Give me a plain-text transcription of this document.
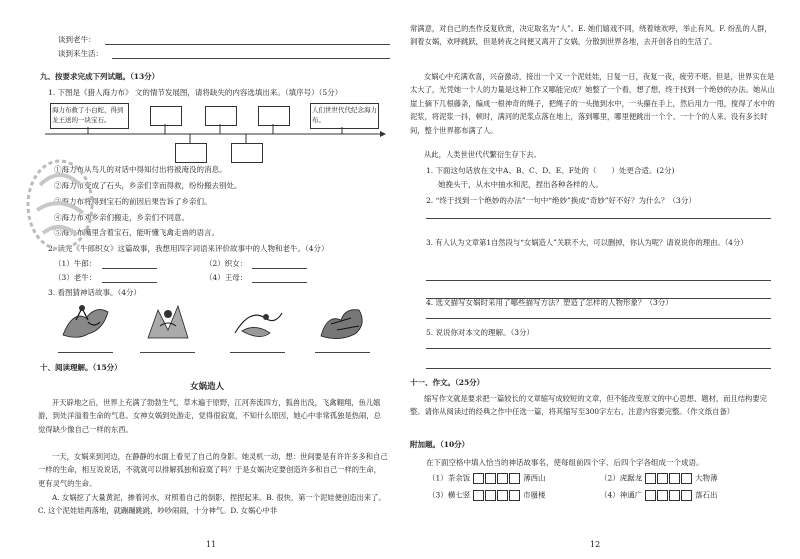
谈到老牛：
谈到来生活：
九、按要求完成下列试题。（13分）
1. 下图是《猎人海力布》 文的情节发展图，请将缺失的内容选填出来。（填序号）（5分）
海力布救了小白蛇，得到龙王送的一块宝石。
人们世世代代纪念海力布。
①海力布从鸟儿的对话中得知付出将被淹没的消息。
②海力布变成了石头，乡亲们幸而得救，纷纷搬去别处。
③海力布将得到宝石的前因后果告诉了乡亲们。
④海力布劝乡亲们搬走，乡亲们不同意。
⑤海力布嘴里含着宝石，能听懂飞禽走兽的语言。
2. 读完《牛郎织女》这篇故事，我想用四字词语来评价故事中的人物和老牛。（4分）
（1）牛郎：	（2）织女：
（3）老牛：	（4）王母：
3. 看图猜神话故事。（4分）
十、阅读理解。（15分）
女娲造人
开天辟地之后，世界上充满了勃勃生气，草木遍于原野，江河奔流四方，狐兽出没，飞禽翱翔，鱼儿嬉游，到处洋溢着生命的气息。女神女娲到处游走，觉得很寂寞，不知什么原因，她心中非常孤独是热闹，总觉得缺少像自己一样的东西。
一天，女娲来到河边，在静静的水面上看见了自己的身影。她灵机一动，想：世间要是有许许多多和自己一样的生命，相互说说话，不就就可以排解孤独和寂寞了吗？于是女娲决定要创造许多和自己一样的生命，更有灵气的生命。
A. 女娲挖了大量黄泥，掺着河水，对照着自己的倒影，捏捏起来。B. 很快，第一个泥娃便创造出来了。C. 这个泥娃娃两落地，就蹦蹦跳跳，吵吵闹闹，十分神气。D. 女娲心中非
11
常满意，对自己的杰作反复欣赏，决定取名为“人”。E. 她们嬉戏不同，绕着她欢呼，举止有风。F. 纷乱的人群，洞着女娲，欢呼跳跃，但是转夜之间便又离开了女娲，分散到世界各地，去开创各自的生活了。
女娲心中充满欢喜，兴奋激动，接出一个又一个泥娃娃，日复一日，夜复一夜，疲劳不堪。但是，世界实在是太大了，光凭她一个人的力量是这种工作又哪能完成？她整了一个看，想了想，终于找到一个绝妙的办法。她从山崖上摘下几根藤条，编成一根神奇的绳子，把绳子的一头抛到水中，一头攥在手上，然后用力一甩，搅得了水中的泥浆，将泥浆一抖，顿时，满河的泥浆点落在地上，落到哪里，哪里便跳出一个个、一十个的人来。没有多长时间，整个世界都布满了人。
从此，人类世世代代繁衍生存下去。
1. 下面这句话放在文中A、B、C、D、E、F处的（　　）处更合适。(2分)
她挽头干，从水中抽水和泥，捏出各种各样的人。
2. “终于找到一个绝妙的办法”一句中“绝妙”换成“奇妙”好不好？为什么？（3分）
3. 有人认为文章第1自然段与“女娲造人”关联不大，可以删掉，你认为呢？请说说你的理由。（4分）
4. 选文描写女娲时采用了哪些描写方法？塑造了怎样的人物形象？（3分）
5. 说说你对本文的理解。（3分）
十一、作文。（25分）
缩写作文就是要求把一篇较长的文章缩写成较短的文章，但不能改变原文的中心思想、题材，而且结构要完整。请你从阅读过的经典之作中任选一篇，将其缩写至300字左右，注意内容要完整。（作文纸自备）
附加题。（10分）
在下面空格中填入恰当的神话故事名，使每组前四个字、后四个字各组成一个成语。
（1）茶余饭	薄西山	（2）虎踞龙	大物薄
（3）横七竖	市蜃楼	（4）神通广	落石出
12
